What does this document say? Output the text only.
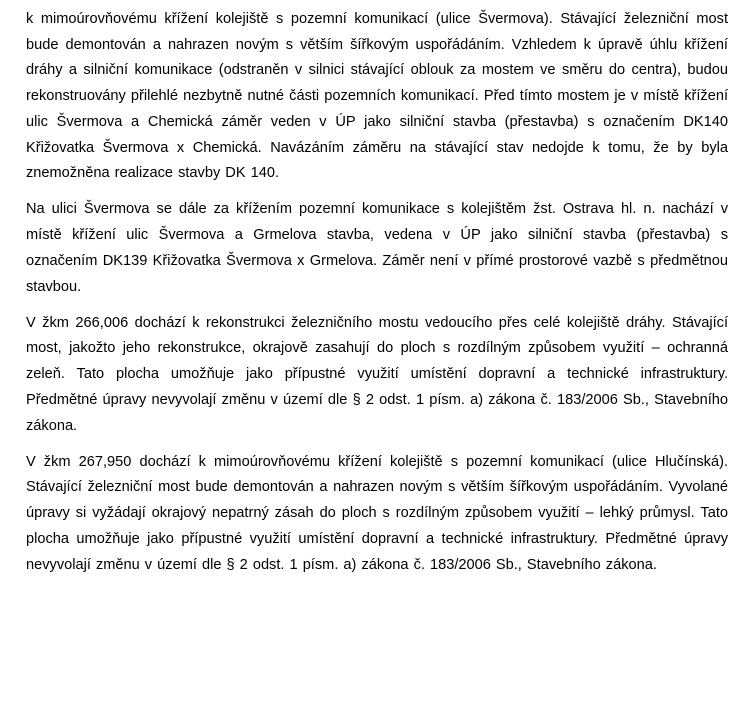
k mimoúrovňovému křížení kolejiště s pozemní komunikací (ulice Švermova). Stávající železniční most bude demontován a nahrazen novým s větším šířkovým uspořádáním. Vzhledem k úpravě úhlu křížení dráhy a silniční komunikace (odstraněn v silnici stávající oblouk za mostem ve směru do centra), budou rekonstruovány přilehlé nezbytně nutné části pozemních komunikací. Před tímto mostem je v místě křížení ulic Švermova a Chemická záměr veden v ÚP jako silniční stavba (přestavba) s označením DK140 Křižovatka Švermova x Chemická. Navázáním záměru na stávající stav nedojde k tomu, že by byla znemožněna realizace stavby DK 140.

Na ulici Švermova se dále za křížením pozemní komunikace s kolejištěm žst. Ostrava hl. n. nachází v místě křížení ulic Švermova a Grmelova stavba, vedena v ÚP jako silniční stavba (přestavba) s označením DK139 Křižovatka Švermova x Grmelova. Záměr není v přímé prostorové vazbě s předmětnou stavbou.

V žkm 266,006 dochází k rekonstrukci železničního mostu vedoucího přes celé kolejiště dráhy. Stávající most, jakožto jeho rekonstrukce, okrajově zasahují do ploch s rozdílným způsobem využití – ochranná zeleň. Tato plocha umožňuje jako přípustné využití umístění dopravní a technické infrastruktury. Předmětné úpravy nevyvolají změnu v území dle § 2 odst. 1 písm. a) zákona č. 183/2006 Sb., Stavebního zákona.

V žkm 267,950 dochází k mimoúrovňovému křížení kolejiště s pozemní komunikací (ulice Hlučínská). Stávající železniční most bude demontován a nahrazen novým s větším šířkovým uspořádáním. Vyvolané úpravy si vyžádají okrajový nepatrný zásah do ploch s rozdílným způsobem využití – lehký průmysl. Tato plocha umožňuje jako přípustné využití umístění dopravní a technické infrastruktury. Předmětné úpravy nevyvolají změnu v území dle § 2 odst. 1 písm. a) zákona č. 183/2006 Sb., Stavebního zákona.
